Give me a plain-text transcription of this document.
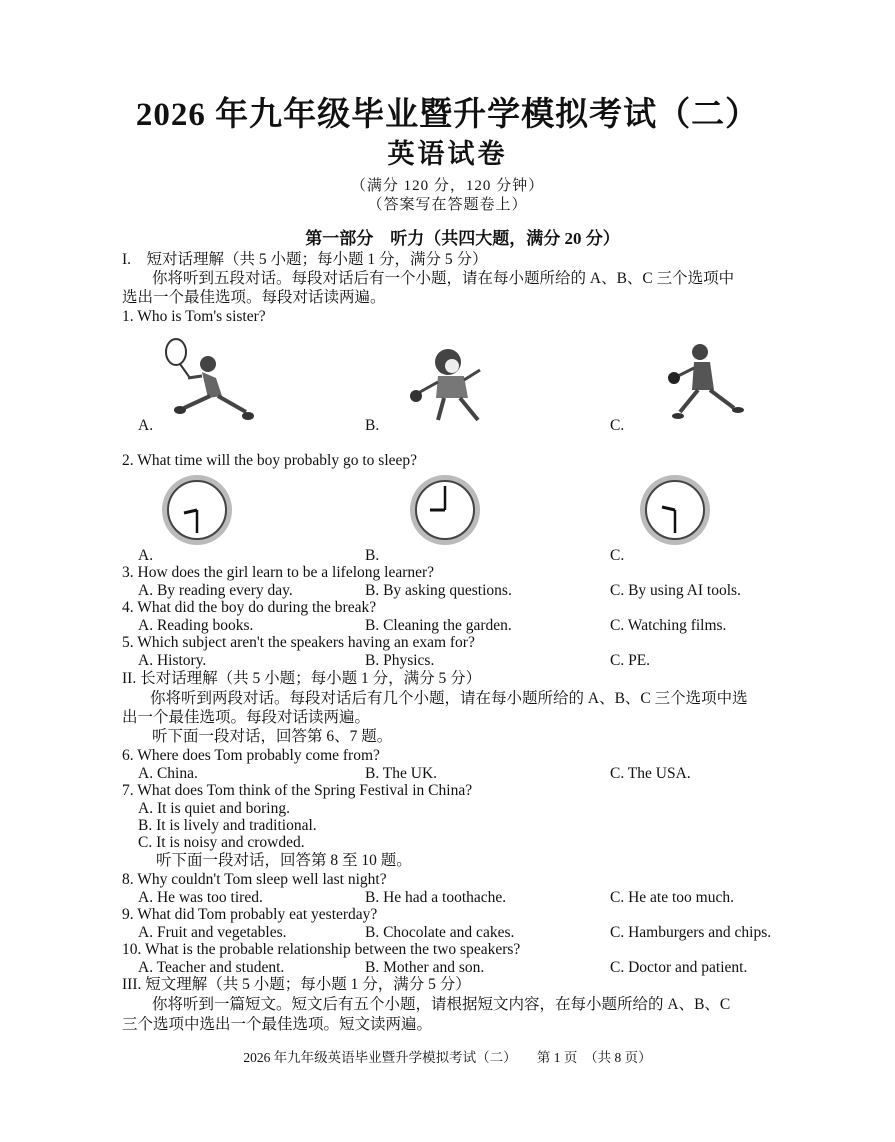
2026 年九年级毕业暨升学模拟考试（二）
英语试卷
（满分 120 分，120 分钟）
（答案写在答题卷上）
第一部分　听力（共四大题，满分 20 分）
I.　短对话理解（共 5 小题；每小题 1 分，满分 5 分）
你将听到五段对话。每段对话后有一个小题，请在每小题所给的 A、B、C 三个选项中
选出一个最佳选项。每段对话读两遍。
1. Who is Tom's sister?
A.	B.	C.
2. What time will the boy probably go to sleep?
A.	B.	C.
3. How does the girl learn to be a lifelong learner?
A. By reading every day.	B. By asking questions.	C. By using AI tools.
4. What did the boy do during the break?
A. Reading books.	B. Cleaning the garden.	C. Watching films.
5. Which subject aren't the speakers having an exam for?
A. History.	B. Physics.	C. PE.
II. 长对话理解（共 5 小题；每小题 1 分，满分 5 分）
你将听到两段对话。每段对话后有几个小题，请在每小题所给的 A、B、C 三个选项中选
出一个最佳选项。每段对话读两遍。
听下面一段对话，回答第 6、7 题。
6. Where does Tom probably come from?
A. China.	B. The UK.	C. The USA.
7. What does Tom think of the Spring Festival in China?
A. It is quiet and boring.
B. It is lively and traditional.
C. It is noisy and crowded.
听下面一段对话，回答第 8 至 10 题。
8. Why couldn't Tom sleep well last night?
A. He was too tired.	B. He had a toothache.	C. He ate too much.
9. What did Tom probably eat yesterday?
A. Fruit and vegetables.	B. Chocolate and cakes.	C. Hamburgers and chips.
10. What is the probable relationship between the two speakers?
A. Teacher and student.	B. Mother and son.	C. Doctor and patient.
III. 短文理解（共 5 小题；每小题 1 分，满分 5 分）
你将听到一篇短文。短文后有五个小题，请根据短文内容，在每小题所给的 A、B、C
三个选项中选出一个最佳选项。短文读两遍。
2026 年九年级英语毕业暨升学模拟考试（二）　　第 1 页　（共 8 页）
